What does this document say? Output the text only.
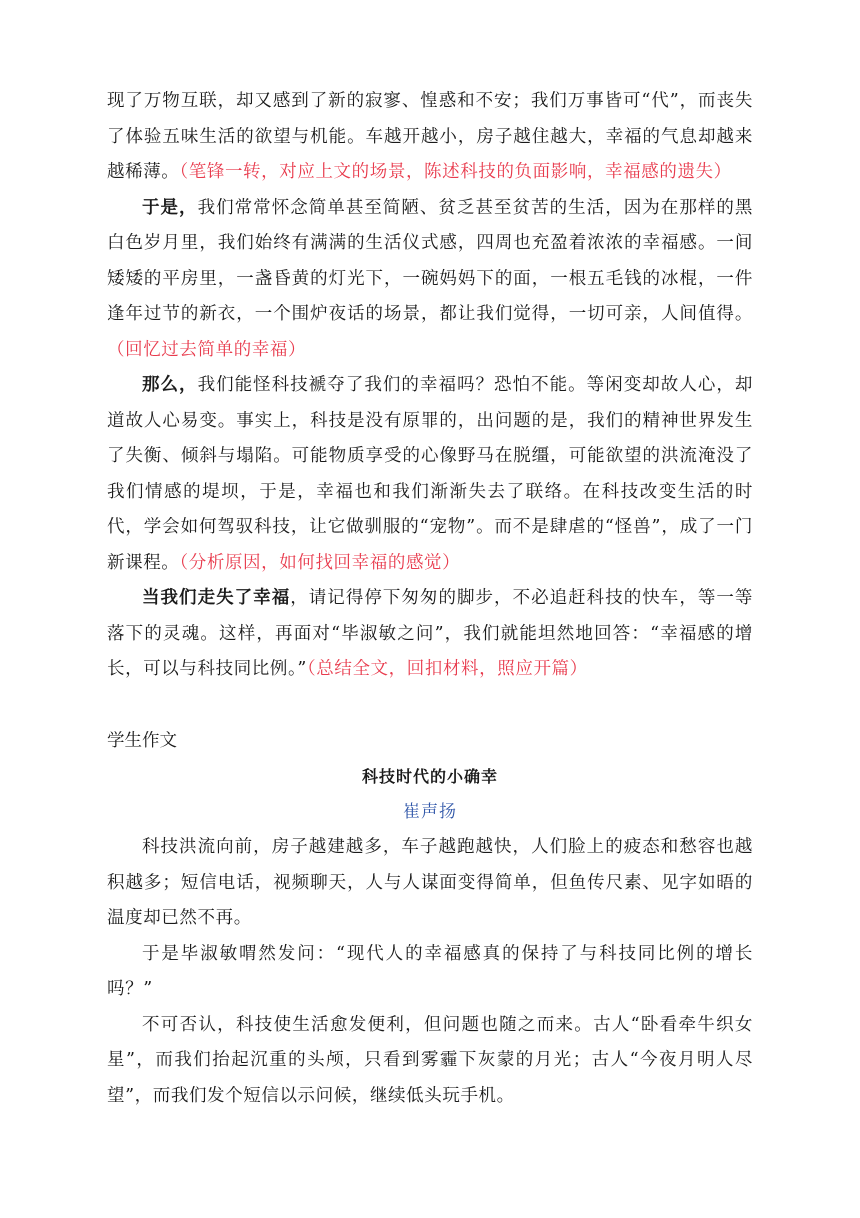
现了万物互联，却又感到了新的寂寥、惶惑和不安；我们万事皆可“代”，而丧失了体验五味生活的欲望与机能。车越开越小，房子越住越大，幸福的气息却越来越稀薄。（笔锋一转，对应上文的场景，陈述科技的负面影响，幸福感的遗失）

于是，我们常常怀念简单甚至简陋、贫乏甚至贫苦的生活，因为在那样的黑白色岁月里，我们始终有满满的生活仪式感，四周也充盈着浓浓的幸福感。一间矮矮的平房里，一盏昏黄的灯光下，一碗妈妈下的面，一根五毛钱的冰棍，一件逢年过节的新衣，一个围炉夜话的场景，都让我们觉得，一切可亲，人间值得。（回忆过去简单的幸福）

那么，我们能怪科技褫夺了我们的幸福吗？恐怕不能。等闲变却故人心，却道故人心易变。事实上，科技是没有原罪的，出问题的是，我们的精神世界发生了失衡、倾斜与塌陷。可能物质享受的心像野马在脱缰，可能欲望的洪流淹没了我们情感的堤坝，于是，幸福也和我们渐渐失去了联络。在科技改变生活的时代，学会如何驾驭科技，让它做驯服的“宠物”。而不是肆虐的“怪兽”，成了一门新课程。（分析原因，如何找回幸福的感觉）

当我们走失了幸福，请记得停下匆匆的脚步，不必追赶科技的快车，等一等落下的灵魂。这样，再面对“毕淑敏之问”，我们就能坦然地回答：“幸福感的增长，可以与科技同比例。”（总结全文，回扣材料，照应开篇）

学生作文
科技时代的小确幸
崔声扬

科技洪流向前，房子越建越多，车子越跑越快，人们脸上的疲态和愁容也越积越多；短信电话，视频聊天，人与人谋面变得简单，但鱼传尺素、见字如晤的温度却已然不再。

于是毕淑敏喟然发问：“现代人的幸福感真的保持了与科技同比例的增长吗？”

不可否认，科技使生活愈发便利，但问题也随之而来。古人“卧看牵牛织女星”，而我们抬起沉重的头颅，只看到雾霾下灰蒙的月光；古人“今夜月明人尽望”，而我们发个短信以示问候，继续低头玩手机。
